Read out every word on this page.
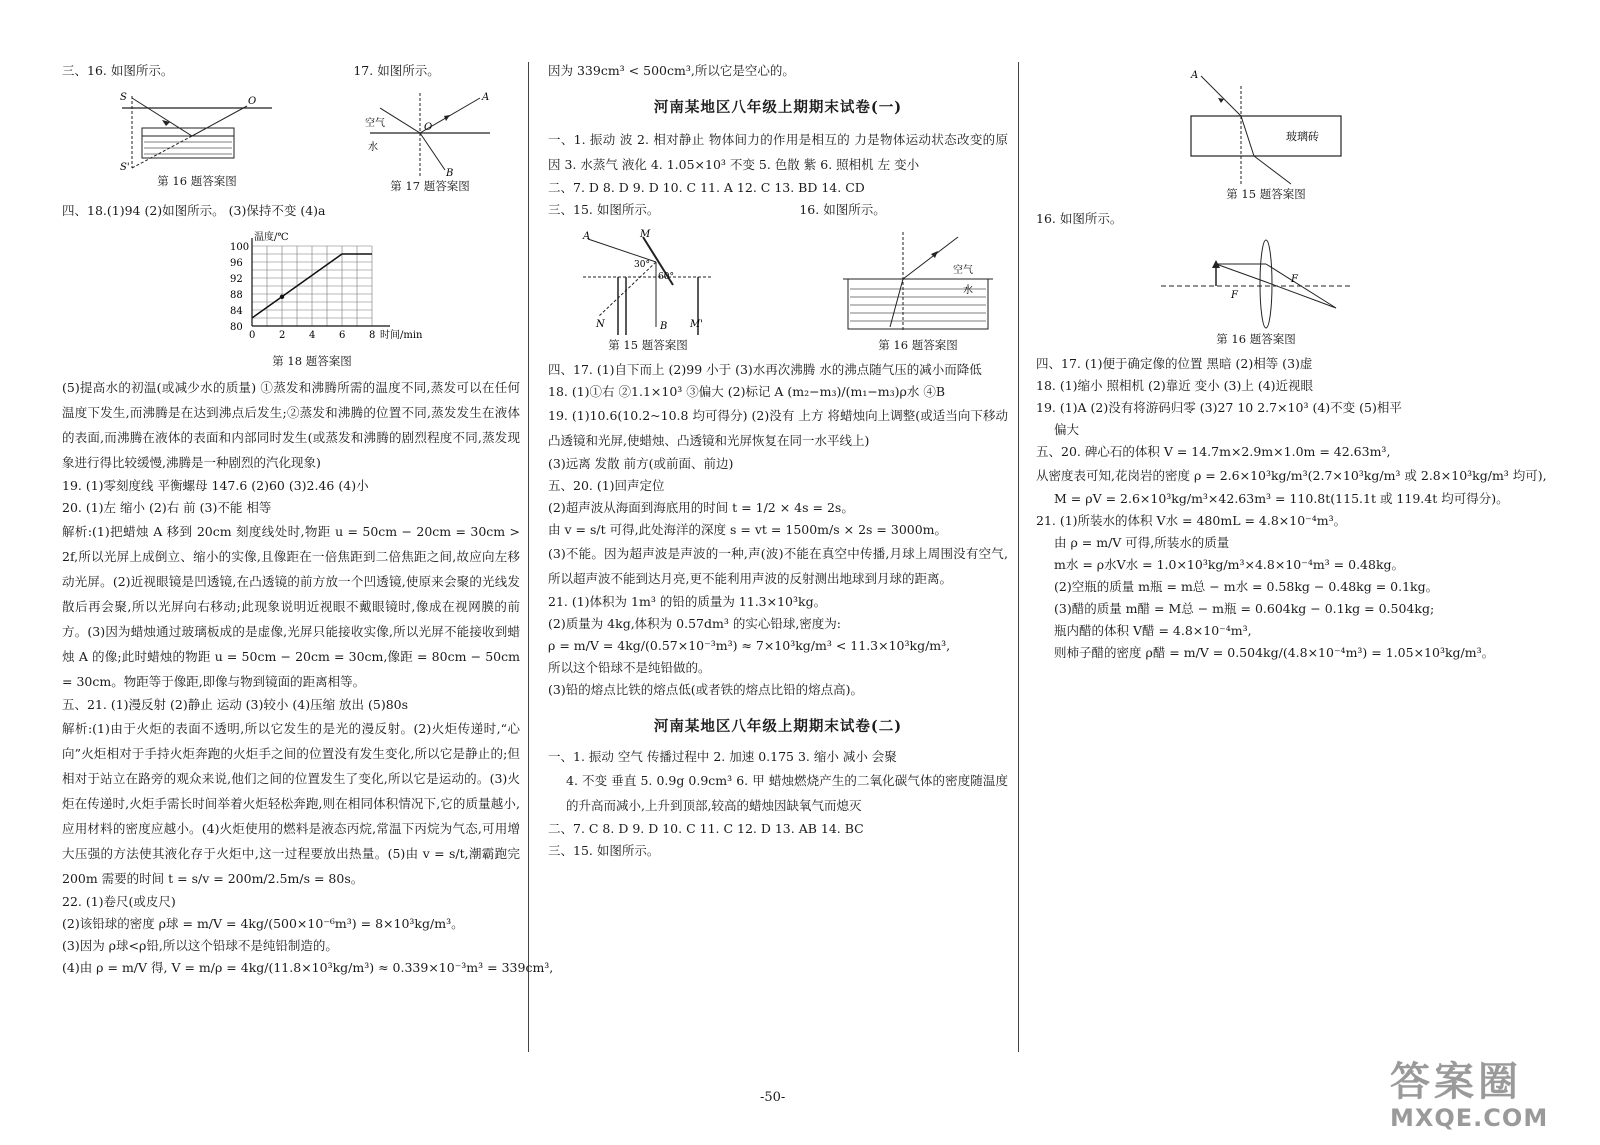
三、16. 如图所示。	17. 如图所示。
S
S'
O
第 16 题答案图
空气
水
A
O
B
第 17 题答案图
四、18.(1)94 (2)如图所示。 (3)保持不变 (4)a
0 2 4 6 8
80
84
88
92
96
100
温度/℃
时间/min
第 18 题答案图
(5)提高水的初温(或减少水的质量) ①蒸发和沸腾所需的温度不同,蒸发可以在任何温度下发生,而沸腾是在达到沸点后发生;②蒸发和沸腾的位置不同,蒸发发生在液体的表面,而沸腾在液体的表面和内部同时发生(或蒸发和沸腾的剧烈程度不同,蒸发现象进行得比较缓慢,沸腾是一种剧烈的汽化现象)
19. (1)零刻度线 平衡螺母 147.6 (2)60 (3)2.46 (4)小
20. (1)左 缩小 (2)右 前 (3)不能 相等
解析:(1)把蜡烛 A 移到 20cm 刻度线处时,物距 u = 50cm − 20cm = 30cm > 2f,所以光屏上成倒立、缩小的实像,且像距在一倍焦距到二倍焦距之间,故应向左移动光屏。(2)近视眼镜是凹透镜,在凸透镜的前方放一个凹透镜,使原来会聚的光线发散后再会聚,所以光屏向右移动;此现象说明近视眼不戴眼镜时,像成在视网膜的前方。(3)因为蜡烛通过玻璃板成的是虚像,光屏只能接收实像,所以光屏不能接收到蜡烛 A 的像;此时蜡烛的物距 u = 50cm − 20cm = 30cm,像距 = 80cm − 50cm = 30cm。物距等于像距,即像与物到镜面的距离相等。
五、21. (1)漫反射 (2)静止 运动 (3)较小 (4)压缩 放出 (5)80s
解析:(1)由于火炬的表面不透明,所以它发生的是光的漫反射。(2)火炬传递时,“心向”火炬相对于手持火炬奔跑的火炬手之间的位置没有发生变化,所以它是静止的;但相对于站立在路旁的观众来说,他们之间的位置发生了变化,所以它是运动的。(3)火炬在传递时,火炬手需长时间举着火炬轻松奔跑,则在相同体积情况下,它的质量越小,应用材料的密度应越小。(4)火炬使用的燃料是液态丙烷,常温下丙烷为气态,可用增大压强的方法使其液化存于火炬中,这一过程要放出热量。(5)由 v = s/t,潮霸跑完 200m 需要的时间 t = s/v = 200m/2.5m/s = 80s。
22. (1)卷尺(或皮尺)
(2)该铅球的密度 ρ球 = m/V = 4kg/(500×10⁻⁶m³) = 8×10³kg/m³。
(3)因为 ρ球<ρ铅,所以这个铅球不是纯铅制造的。
(4)由 ρ = m/V 得, V = m/ρ = 4kg/(11.8×10³kg/m³) ≈ 0.339×10⁻³m³ = 339cm³,
因为 339cm³ < 500cm³,所以它是空心的。
河南某地区八年级上期期末试卷(一)
一、1. 振动 波 2. 相对静止 物体间力的作用是相互的 力是物体运动状态改变的原因 3. 水蒸气 液化 4. 1.05×10³ 不变 5. 色散 紫 6. 照相机 左 变小
二、7. D 8. D 9. D 10. C 11. A 12. C 13. BD 14. CD
三、15. 如图所示。	16. 如图所示。
A	M
30°
60°
B
N	M'
第 15 题答案图
空气
水
第 16 题答案图
四、17. (1)自下而上 (2)99 小于 (3)水再次沸腾 水的沸点随气压的减小而降低
18. (1)①右 ②1.1×10³ ③偏大 (2)标记 A (m₂−m₃)/(m₁−m₃)ρ水 ④B
19. (1)10.6(10.2~10.8 均可得分) (2)没有 上方 将蜡烛向上调整(或适当向下移动凸透镜和光屏,使蜡烛、凸透镜和光屏恢复在同一水平线上)
(3)远离 发散 前方(或前面、前边)
五、20. (1)回声定位
(2)超声波从海面到海底用的时间 t = 1/2 × 4s = 2s。
由 v = s/t 可得,此处海洋的深度 s = vt = 1500m/s × 2s = 3000m。
(3)不能。因为超声波是声波的一种,声(波)不能在真空中传播,月球上周围没有空气,所以超声波不能到达月亮,更不能利用声波的反射测出地球到月球的距离。
21. (1)体积为 1m³ 的铅的质量为 11.3×10³kg。
(2)质量为 4kg,体积为 0.57dm³ 的实心铅球,密度为:
ρ = m/V = 4kg/(0.57×10⁻³m³) ≈ 7×10³kg/m³ < 11.3×10³kg/m³,
所以这个铅球不是纯铅做的。
(3)铅的熔点比铁的熔点低(或者铁的熔点比铅的熔点高)。
河南某地区八年级上期期末试卷(二)
一、1. 振动 空气 传播过程中 2. 加速 0.175 3. 缩小 减小 会聚
4. 不变 垂直 5. 0.9g 0.9cm³ 6. 甲 蜡烛燃烧产生的二氧化碳气体的密度随温度的升高而减小,上升到顶部,较高的蜡烛因缺氧气而熄灭
二、7. C 8. D 9. D 10. C 11. C 12. D 13. AB 14. BC
三、15. 如图所示。
A
玻璃砖
第 15 题答案图
16. 如图所示。
F
F
第 16 题答案图
四、17. (1)便于确定像的位置 黑暗 (2)相等 (3)虚
18. (1)缩小 照相机 (2)靠近 变小 (3)上 (4)近视眼
19. (1)A (2)没有将游码归零 (3)27 10 2.7×10³ (4)不变 (5)相平
偏大
五、20. 碑心石的体积 V = 14.7m×2.9m×1.0m = 42.63m³,
从密度表可知,花岗岩的密度 ρ = 2.6×10³kg/m³(2.7×10³kg/m³ 或 2.8×10³kg/m³ 均可),
M = ρV = 2.6×10³kg/m³×42.63m³ = 110.8t(115.1t 或 119.4t 均可得分)。
21. (1)所装水的体积 V水 = 480mL = 4.8×10⁻⁴m³。
由 ρ = m/V 可得,所装水的质量
m水 = ρ水V水 = 1.0×10³kg/m³×4.8×10⁻⁴m³ = 0.48kg。
(2)空瓶的质量 m瓶 = m总 − m水 = 0.58kg − 0.48kg = 0.1kg。
(3)醋的质量 m醋 = M总 − m瓶 = 0.604kg − 0.1kg = 0.504kg;
瓶内醋的体积 V醋 = 4.8×10⁻⁴m³,
则柿子醋的密度 ρ醋 = m/V = 0.504kg/(4.8×10⁻⁴m³) = 1.05×10³kg/m³。
-50-	答案圈
MXQE.COM
